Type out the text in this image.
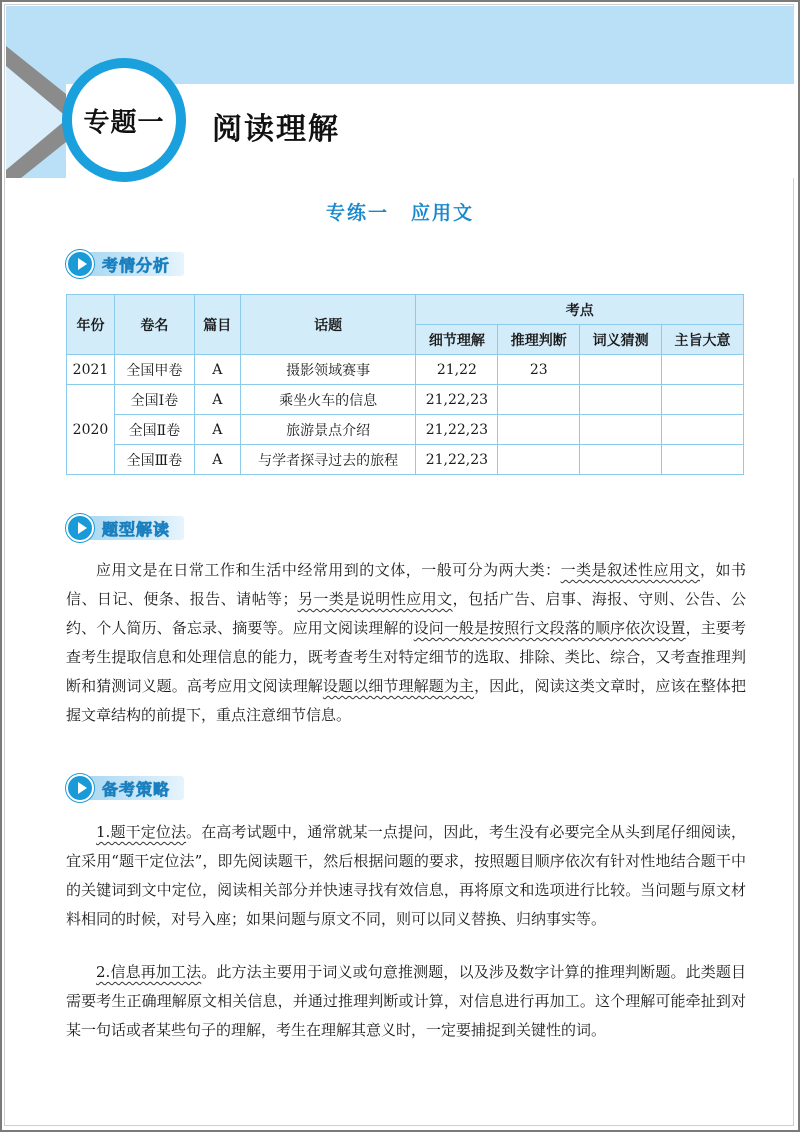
专题一 阅读理解
专练一 应用文
考情分析
年份	卷名	篇目	话题	考点			
				细节理解	推理判断	词义猜测	主旨大意
2021	全国甲卷	A	摄影领域赛事	21,22	23		
2020	全国Ⅰ卷	A	乘坐火车的信息	21,22,23			
	全国Ⅱ卷	A	旅游景点介绍	21,22,23			
	全国Ⅲ卷	A	与学者探寻过去的旅程	21,22,23			
题型解读

应用文是在日常工作和生活中经常用到的文体，一般可分为两大类：一类是叙述性应用文，如书信、日记、便条、报告、请帖等；另一类是说明性应用文，包括广告、启事、海报、守则、公告、公约、个人简历、备忘录、摘要等。应用文阅读理解的设问一般是按照行文段落的顺序依次设置，主要考查考生提取信息和处理信息的能力，既考查考生对特定细节的选取、排除、类比、综合，又考查推理判断和猜测词义题。高考应用文阅读理解设题以细节理解题为主，因此，阅读这类文章时，应该在整体把握文章结构的前提下，重点注意细节信息。

备考策略

1.题干定位法。在高考试题中，通常就某一点提问，因此，考生没有必要完全从头到尾仔细阅读，宜采用“题干定位法”，即先阅读题干，然后根据问题的要求，按照题目顺序依次有针对性地结合题干中的关键词到文中定位，阅读相关部分并快速寻找有效信息，再将原文和选项进行比较。当问题与原文材料相同的时候，对号入座；如果问题与原文不同，则可以同义替换、归纳事实等。

2.信息再加工法。此方法主要用于词义或句意推测题，以及涉及数字计算的推理判断题。此类题目需要考生正确理解原文相关信息，并通过推理判断或计算，对信息进行再加工。这个理解可能牵扯到对某一句话或者某些句子的理解，考生在理解其意义时，一定要捕捉到关键性的词。
